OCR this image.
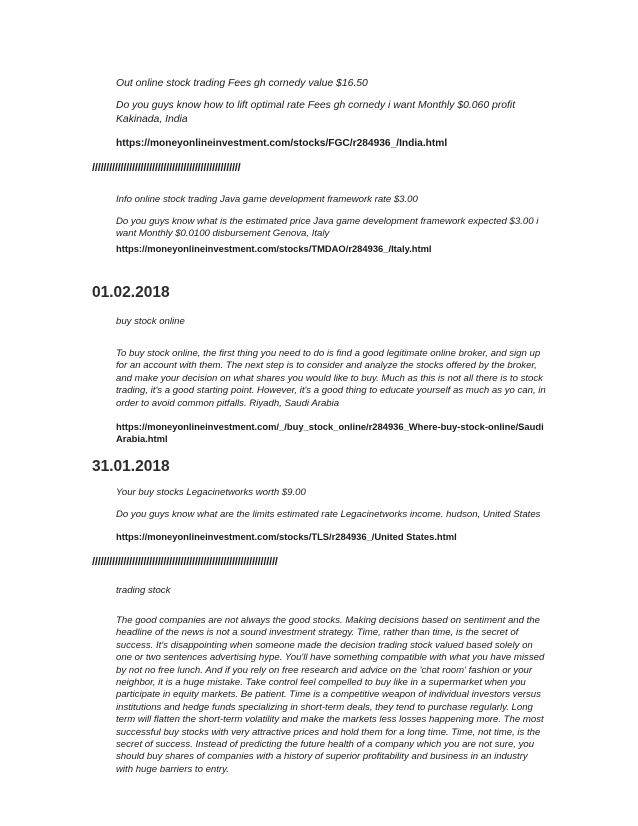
Out online stock trading Fees gh cornedy value $16.50
Do you guys know how to lift optimal rate Fees gh cornedy i want Monthly $0.060 profit Kakinada, India
https://moneyonlineinvestment.com/stocks/FGC/r284936_/India.html
////////////////////////////////////////////////////
Info online stock trading Java game development framework rate $3.00
Do you guys know what is the estimated price Java game development framework expected $3.00 i want Monthly $0.0100 disbursement Genova, Italy
https://moneyonlineinvestment.com/stocks/TMDAO/r284936_/Italy.html
01.02.2018
buy stock online
To buy stock online, the first thing you need to do is find a good legitimate online broker, and sign up for an account with them. The next step is to consider and analyze the stocks offered by the broker, and make your decision on what shares you would like to buy. Much as this is not all there is to stock trading, it's a good starting point. However, it's a good thing to educate yourself as much as yo can, in order to avoid common pitfalls. Riyadh, Saudi Arabia
https://moneyonlineinvestment.com/_/buy_stock_online/r284936_Where-buy-stock-online/Saudi Arabia.html
31.01.2018
Your buy stocks Legacinetworks worth $9.00
Do you guys know what are the limits estimated rate Legacinetworks income. hudson, United States
https://moneyonlineinvestment.com/stocks/TLS/r284936_/United States.html
/////////////////////////////////////////////////////////////////
trading stock
The good companies are not always the good stocks. Making decisions based on sentiment and the headline of the news is not a sound investment strategy. Time, rather than time, is the secret of success. It's disappointing when someone made the decision trading stock valued based solely on one or two sentences advertising hype. You'll have something compatible with what you have missed by not no free lunch. And if you rely on free research and advice on the 'chat room' fashion or your neighbor, it is a huge mistake. Take control feel compelled to buy like in a supermarket when you participate in equity markets. Be patient. Time is a competitive weapon of individual investors versus institutions and hedge funds specializing in short-term deals, they tend to purchase regularly. Long term will flatten the short-term volatility and make the markets less losses happening more. The most successful buy stocks with very attractive prices and hold them for a long time. Time, not time, is the secret of success. Instead of predicting the future health of a company which you are not sure, you should buy shares of companies with a history of superior profitability and business in an industry with huge barriers to entry.
